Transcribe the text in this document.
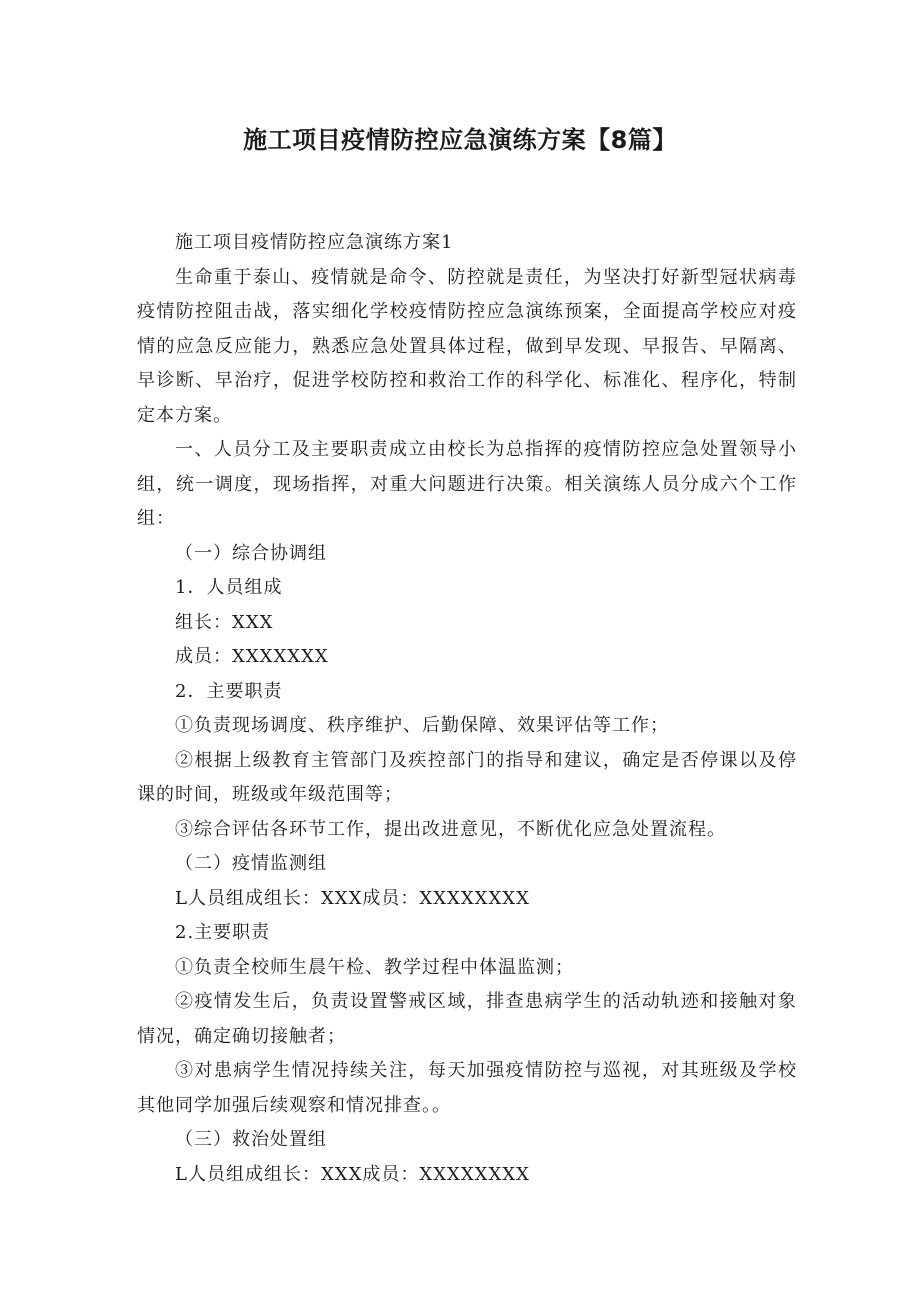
施工项目疫情防控应急演练方案【8篇】

施工项目疫情防控应急演练方案1

生命重于泰山、疫情就是命令、防控就是责任，为坚决打好新型冠状病毒疫情防控阻击战，落实细化学校疫情防控应急演练预案，全面提高学校应对疫情的应急反应能力，熟悉应急处置具体过程，做到早发现、早报告、早隔离、早诊断、早治疗，促进学校防控和救治工作的科学化、标准化、程序化，特制定本方案。

一、人员分工及主要职责成立由校长为总指挥的疫情防控应急处置领导小组，统一调度，现场指挥，对重大问题进行决策。相关演练人员分成六个工作组：

（一）综合协调组

1．人员组成

组长：XXX

成员：XXXXXXX

2．主要职责

①负责现场调度、秩序维护、后勤保障、效果评估等工作；

②根据上级教育主管部门及疾控部门的指导和建议，确定是否停课以及停课的时间，班级或年级范围等；

③综合评估各环节工作，提出改进意见，不断优化应急处置流程。

（二）疫情监测组

L人员组成组长：XXX成员：XXXXXXXX

2.主要职责

①负责全校师生晨午检、教学过程中体温监测；

②疫情发生后，负责设置警戒区域，排查患病学生的活动轨迹和接触对象情况，确定确切接触者；

③对患病学生情况持续关注，每天加强疫情防控与巡视，对其班级及学校其他同学加强后续观察和情况排查。。

（三）救治处置组

L人员组成组长：XXX成员：XXXXXXXX
